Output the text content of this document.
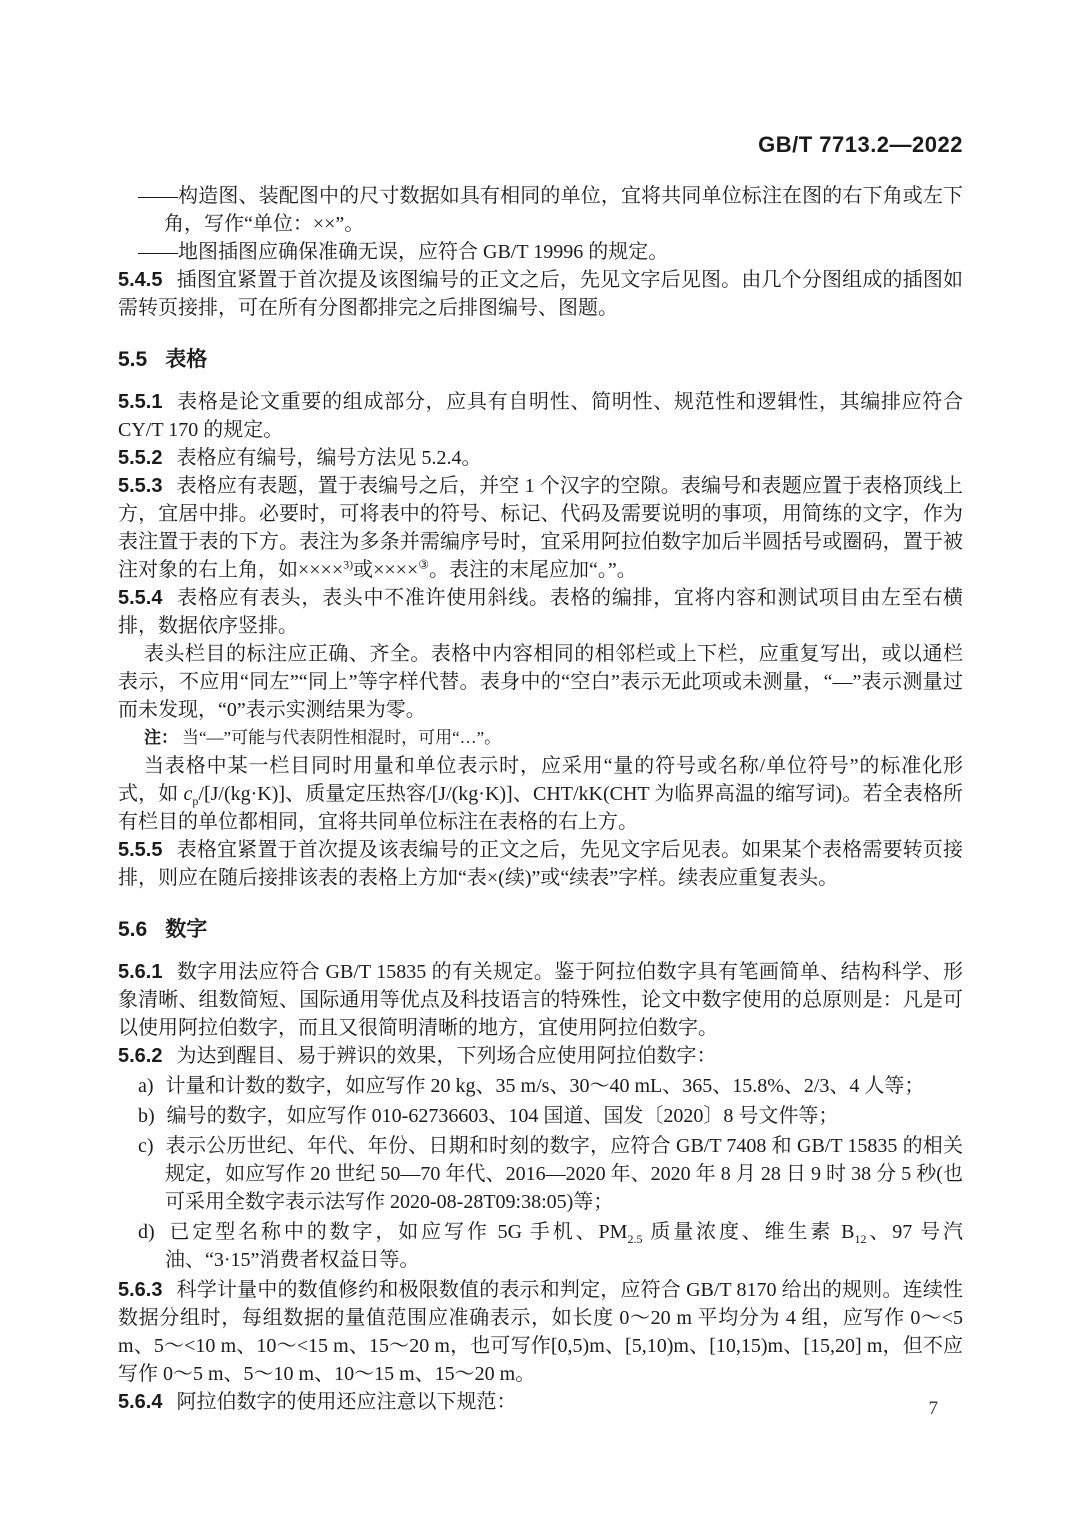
GB/T 7713.2—2022

——构造图、装配图中的尺寸数据如具有相同的单位，宜将共同单位标注在图的右下角或左下角，写作“单位：××”。

——地图插图应确保准确无误，应符合 GB/T 19996 的规定。

5.4.5 插图宜紧置于首次提及该图编号的正文之后，先见文字后见图。由几个分图组成的插图如需转页接排，可在所有分图都排完之后排图编号、图题。

5.5 表格

5.5.1 表格是论文重要的组成部分，应具有自明性、简明性、规范性和逻辑性，其编排应符合 CY/T 170 的规定。

5.5.2 表格应有编号，编号方法见 5.2.4。

5.5.3 表格应有表题，置于表编号之后，并空 1 个汉字的空隙。表编号和表题应置于表格顶线上方，宜居中排。必要时，可将表中的符号、标记、代码及需要说明的事项，用简练的文字，作为表注置于表的下方。表注为多条并需编序号时，宜采用阿拉伯数字加后半圆括号或圈码，置于被注对象的右上角，如××××$^{3)}$或××××③。表注的末尾应加“。”。

5.5.4 表格应有表头，表头中不准许使用斜线。表格的编排，宜将内容和测试项目由左至右横排，数据依序竖排。

表头栏目的标注应正确、齐全。表格中内容相同的相邻栏或上下栏，应重复写出，或以通栏表示，不应用“同左”“同上”等字样代替。表身中的“空白”表示无此项或未测量，“—”表示测量过而未发现，“0”表示实测结果为零。

注： 当“—”可能与代表阴性相混时，可用“…”。

当表格中某一栏目同时用量和单位表示时，应采用“量的符号或名称/单位符号”的标准化形式，如 $c_p/[J/(kg\cdot K)]$、质量定压热容/[J/(kg·K)]、CHT/kK(CHT 为临界高温的缩写词)。若全表格所有栏目的单位都相同，宜将共同单位标注在表格的右上方。

5.5.5 表格宜紧置于首次提及该表编号的正文之后，先见文字后见表。如果某个表格需要转页接排，则应在随后接排该表的表格上方加“表×(续)”或“续表”字样。续表应重复表头。

5.6 数字

5.6.1 数字用法应符合 GB/T 15835 的有关规定。鉴于阿拉伯数字具有笔画简单、结构科学、形象清晰、组数简短、国际通用等优点及科技语言的特殊性，论文中数字使用的总原则是：凡是可以使用阿拉伯数字，而且又很简明清晰的地方，宜使用阿拉伯数字。

5.6.2 为达到醒目、易于辨识的效果，下列场合应使用阿拉伯数字：

a) 计量和计数的数字，如应写作 20 kg、35 m/s、30～40 mL、365、15.8%、2/3、4 人等；

b) 编号的数字，如应写作 010-62736603、104 国道、国发〔2020〕8 号文件等；

c) 表示公历世纪、年代、年份、日期和时刻的数字，应符合 GB/T 7408 和 GB/T 15835 的相关规定，如应写作 20 世纪 50—70 年代、2016—2020 年、2020 年 8 月 28 日 9 时 38 分 5 秒(也可采用全数字表示法写作 2020-08-28T09:38:05)等；

d) 已定型名称中的数字，如应写作 5G 手机、$PM_{2.5}$ 质量浓度、维生素 $B_{12}$、97 号汽油、“3·15”消费者权益日等。

5.6.3 科学计量中的数值修约和极限数值的表示和判定，应符合 GB/T 8170 给出的规则。连续性数据分组时，每组数据的量值范围应准确表示，如长度 0～20 m 平均分为 4 组，应写作 0～<5 m、5～<10 m、10～<15 m、15～20 m，也可写作[0,5)m、[5,10)m、[10,15)m、[15,20] m，但不应写作 0～5 m、5～10 m、10～15 m、15～20 m。

5.6.4 阿拉伯数字的使用还应注意以下规范：	7
